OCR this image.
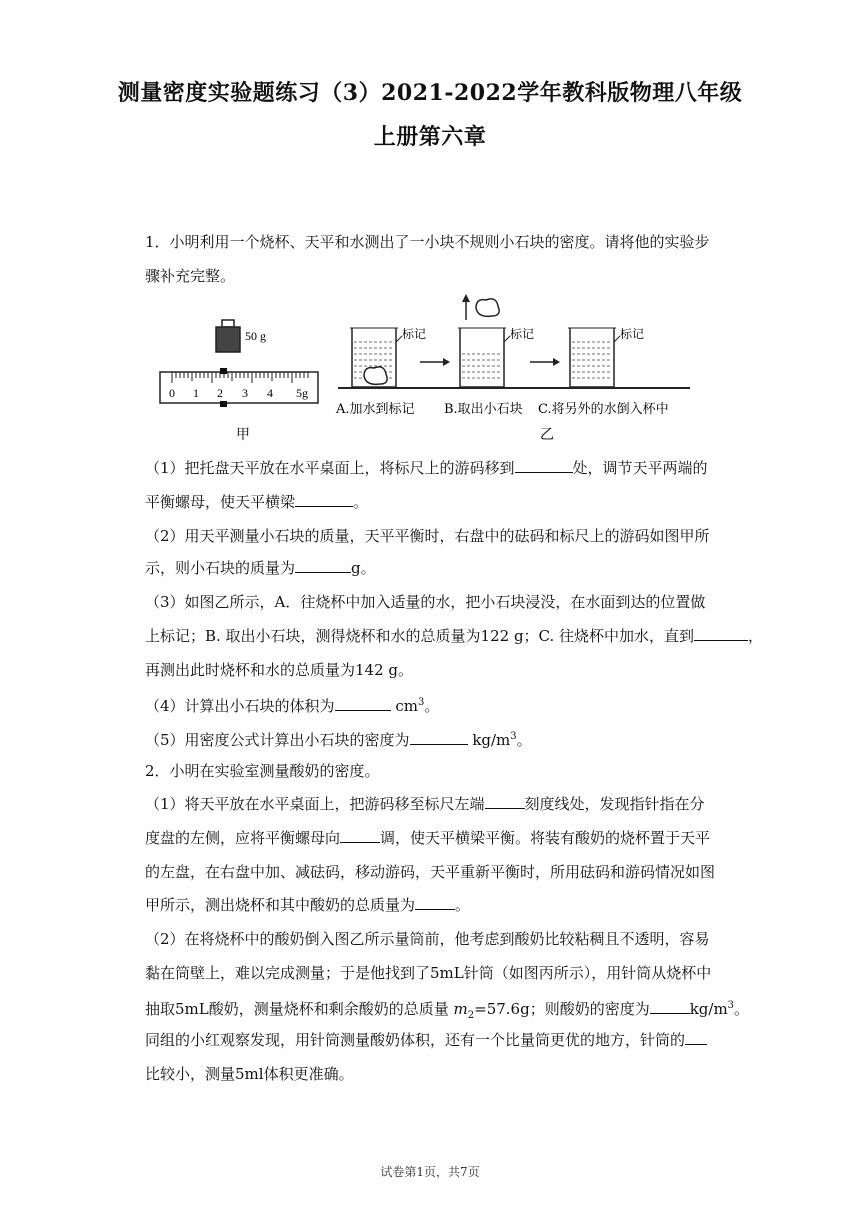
测量密度实验题练习（3）2021-2022学年教科版物理八年级
上册第六章
1．小明利用一个烧杯、天平和水测出了一小块不规则小石块的密度。请将他的实验步
骤补充完整。
50 g
0 1 2 3 4 5g
标记	标记	标记
A.加水到标记 B.取出小石块 C.将另外的水倒入杯中
甲	乙
（1）把托盘天平放在水平桌面上，将标尺上的游码移到	处，调节天平两端的
平衡螺母，使天平横梁	。
（2）用天平测量小石块的质量，天平平衡时，右盘中的砝码和标尺上的游码如图甲所
示，则小石块的质量为	g。
（3）如图乙所示，A．往烧杯中加入适量的水，把小石块浸没，在水面到达的位置做
上标记；B. 取出小石块，测得烧杯和水的总质量为122 g；C. 往烧杯中加水，直到	，
再测出此时烧杯和水的总质量为142 g。
（4）计算出小石块的体积为	$cm^3$。
（5）用密度公式计算出小石块的密度为	$kg/m^3$。
2．小明在实验室测量酸奶的密度。
（1）将天平放在水平桌面上，把游码移至标尺左端	刻度线处，发现指针指在分
度盘的左侧，应将平衡螺母向	调，使天平横梁平衡。将装有酸奶的烧杯置于天平
的左盘，在右盘中加、减砝码，移动游码，天平重新平衡时，所用砝码和游码情况如图
甲所示，测出烧杯和其中酸奶的总质量为	。
（2）在将烧杯中的酸奶倒入图乙所示量筒前，他考虑到酸奶比较粘稠且不透明，容易
黏在筒壁上，难以完成测量；于是他找到了5mL针筒（如图丙所示），用针筒从烧杯中
抽取5mL酸奶，测量烧杯和剩余酸奶的总质量 $m_2=57.6g$；则酸奶的密度为	$kg/m^3$。
同组的小红观察发现，用针筒测量酸奶体积，还有一个比量筒更优的地方，针筒的
比较小，测量5ml体积更准确。
试卷第1页，共7页
